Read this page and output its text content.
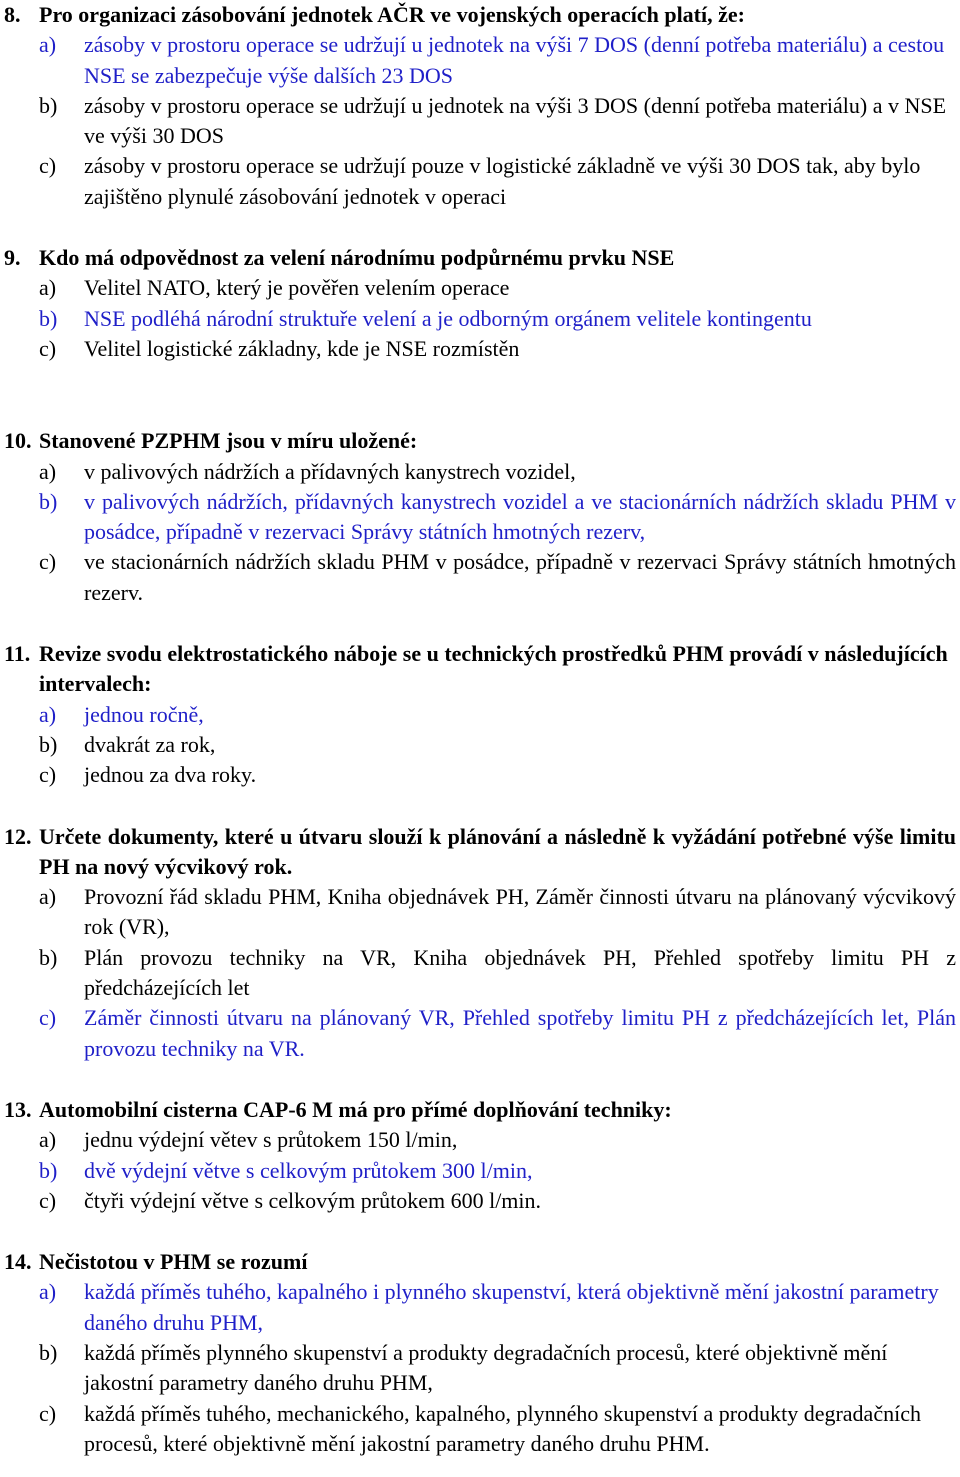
8. Pro organizaci zásobování jednotek AČR ve vojenských operacích platí, že:
a)	zásoby v prostoru operace se udržují u jednotek na výši 7 DOS (denní potřeba materiálu) a cestou NSE se zabezpečuje výše dalších 23 DOS
b)	zásoby v prostoru operace se udržují u jednotek na výši 3 DOS (denní potřeba materiálu) a v NSE ve výši 30 DOS
c)	zásoby v prostoru operace se udržují pouze v logistické základně ve výši 30 DOS tak, aby bylo zajištěno plynulé zásobování jednotek v operaci
9. Kdo má odpovědnost za velení národnímu podpůrnému prvku NSE
a)	Velitel NATO, který je pověřen velením operace
b)	NSE podléhá národní struktuře velení a je odborným orgánem velitele kontingentu
c)	Velitel logistické základny, kde je NSE rozmístěn
10. Stanovené PZPHM jsou v míru uložené:
a)	v palivových nádržích a přídavných kanystrech vozidel,
b)	v palivových nádržích, přídavných kanystrech vozidel a ve stacionárních nádržích skladu PHM v posádce, případně v rezervaci Správy státních hmotných rezerv,
c)	ve stacionárních nádržích skladu PHM v posádce, případně v rezervaci Správy státních hmotných rezerv.
11. Revize svodu elektrostatického náboje se u technických prostředků PHM provádí v následujících intervalech:
a)	jednou ročně,
b)	dvakrát za rok,
c)	jednou za dva roky.
12. Určete dokumenty, které u útvaru slouží k plánování a následně k vyžádání potřebné výše limitu PH na nový výcvikový rok.
a)	Provozní řád skladu PHM, Kniha objednávek PH, Záměr činnosti útvaru na plánovaný výcvikový rok (VR),
b)	Plán provozu techniky na VR, Kniha objednávek PH, Přehled spotřeby limitu PH z předcházejících let
c)	Záměr činnosti útvaru na plánovaný VR, Přehled spotřeby limitu PH z předcházejících let, Plán provozu techniky na VR.
13. Automobilní cisterna CAP-6 M má pro přímé doplňování techniky:
a)	jednu výdejní větev s průtokem 150 l/min,
b)	dvě výdejní větve s celkovým průtokem 300 l/min,
c)	čtyři výdejní větve s celkovým průtokem 600 l/min.
14. Nečistotou v PHM se rozumí
a)	každá příměs tuhého, kapalného i plynného skupenství, která objektivně mění jakostní parametry daného druhu PHM,
b)	každá příměs plynného skupenství a produkty degradačních procesů, které objektivně mění jakostní parametry daného druhu PHM,
c)	každá příměs tuhého, mechanického, kapalného, plynného skupenství a produkty degradačních procesů, které objektivně mění jakostní parametry daného druhu PHM.
